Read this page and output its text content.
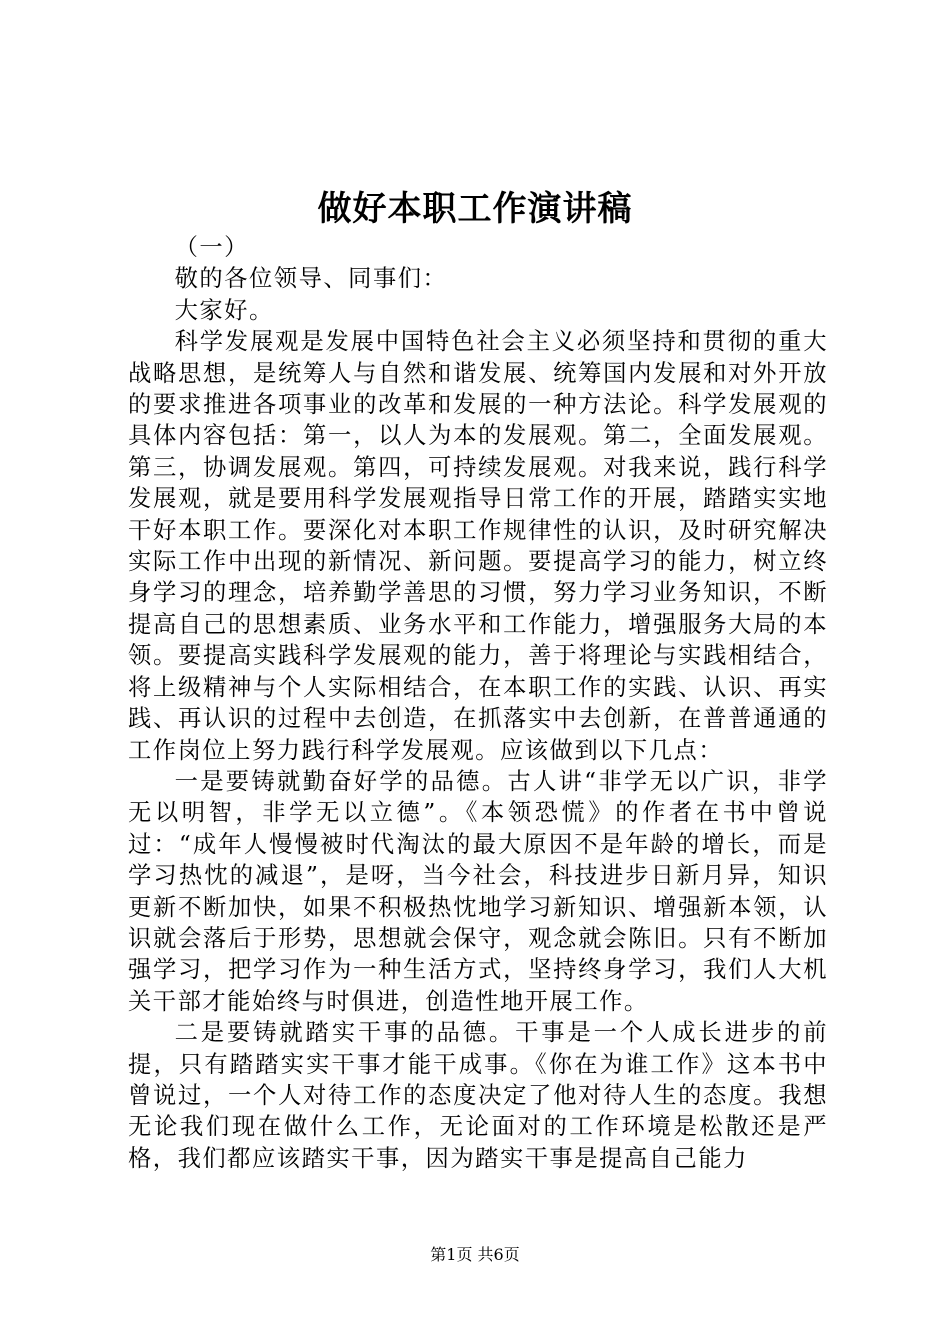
做好本职工作演讲稿

（一）

敬的各位领导、同事们：

大家好。

科学发展观是发展中国特色社会主义必须坚持和贯彻的重大战略思想，是统筹人与自然和谐发展、统筹国内发展和对外开放的要求推进各项事业的改革和发展的一种方法论。科学发展观的具体内容包括：第一，以人为本的发展观。第二，全面发展观。第三，协调发展观。第四，可持续发展观。对我来说，践行科学发展观，就是要用科学发展观指导日常工作的开展，踏踏实实地干好本职工作。要深化对本职工作规律性的认识，及时研究解决实际工作中出现的新情况、新问题。要提高学习的能力，树立终身学习的理念，培养勤学善思的习惯，努力学习业务知识，不断提高自己的思想素质、业务水平和工作能力，增强服务大局的本领。要提高实践科学发展观的能力，善于将理论与实践相结合，将上级精神与个人实际相结合，在本职工作的实践、认识、再实践、再认识的过程中去创造，在抓落实中去创新，在普普通通的工作岗位上努力践行科学发展观。应该做到以下几点：

一是要铸就勤奋好学的品德。古人讲“非学无以广识，非学无以明智，非学无以立德”。《本领恐慌》的作者在书中曾说过：“成年人慢慢被时代淘汰的最大原因不是年龄的增长，而是学习热忱的减退”，是呀，当今社会，科技进步日新月异，知识更新不断加快，如果不积极热忱地学习新知识、增强新本领，认识就会落后于形势，思想就会保守，观念就会陈旧。只有不断加强学习，把学习作为一种生活方式，坚持终身学习，我们人大机关干部才能始终与时俱进，创造性地开展工作。

二是要铸就踏实干事的品德。干事是一个人成长进步的前提，只有踏踏实实干事才能干成事。《你在为谁工作》这本书中曾说过，一个人对待工作的态度决定了他对待人生的态度。我想无论我们现在做什么工作，无论面对的工作环境是松散还是严格，我们都应该踏实干事，因为踏实干事是提高自己能力

第1页 共6页
